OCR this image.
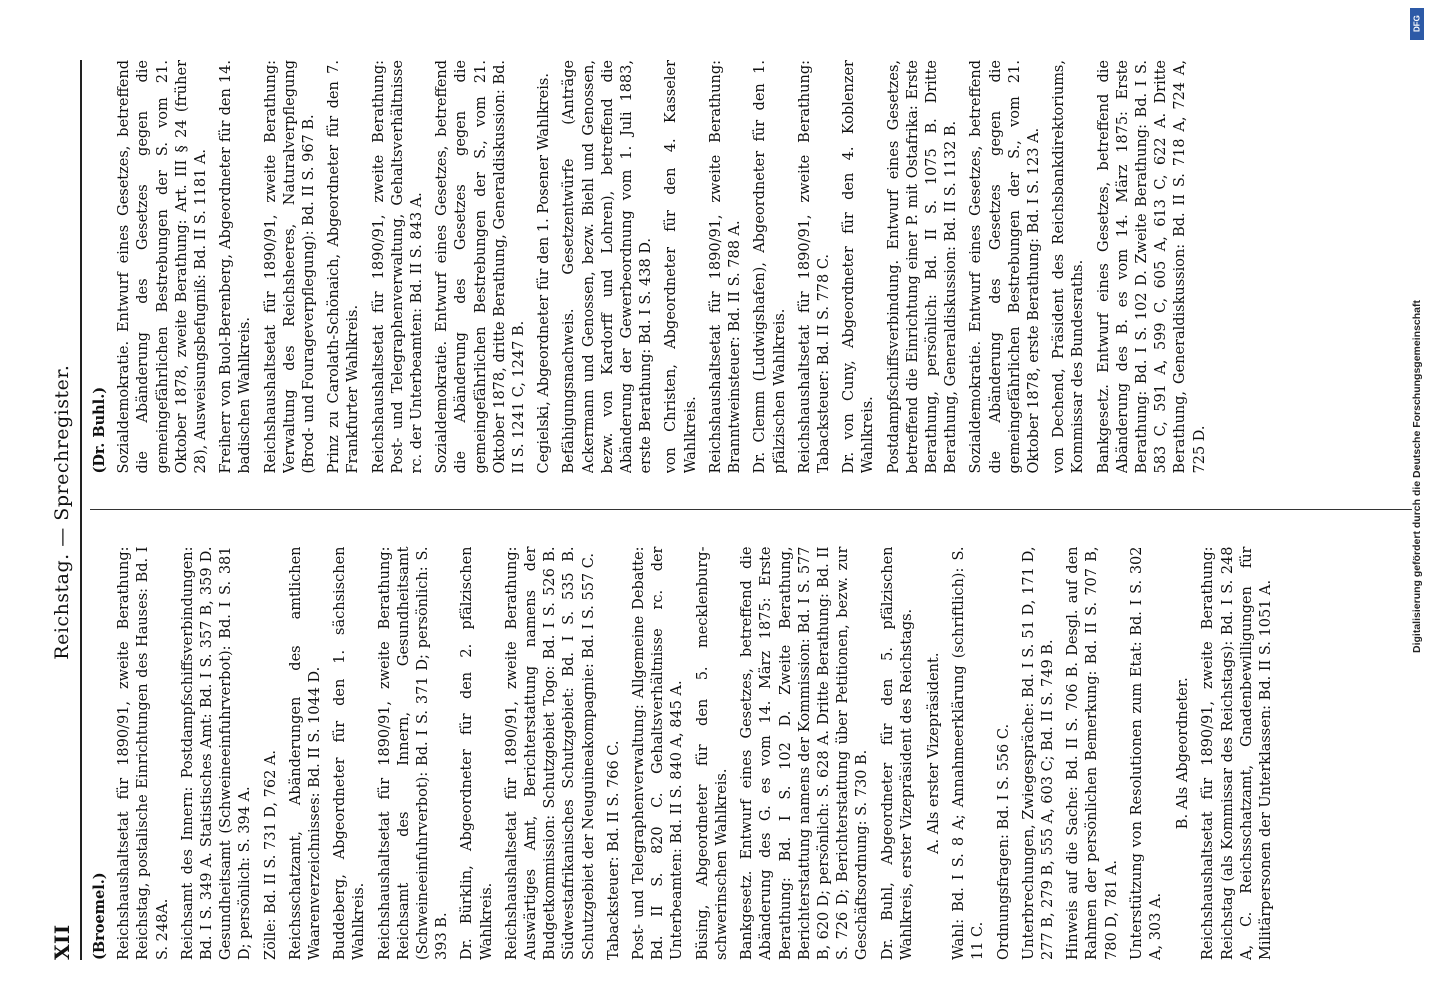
XII
Reichstag. — Sprechregister.

(Broemel.) Reichshaushaltsetat für 1890/91, zweite Berathung: Reichstag, postalische Einrichtungen des Hauses: Bd. I S. 248A. Reichsamt des Innern: Postdampfschiffsverbindungen: Bd. I S. 349 A. Statistisches Amt: Bd. I S. 357 B, 359 D. Gesundheitsamt (Schweineeinfuhrverbot): Bd. I S. 381 D; persönlich: S. 394 A. Zölle: Bd. II S. 731 D, 762 A. Reichsschatzamt, Abänderungen des amtlichen Waarenverzeichnisses: Bd. II S. 1044 D. Buddeberg, Abgeordneter für den 1. sächsischen Wahlkreis. Reichshaushaltsetat für 1890/91, zweite Berathung: Reichsamt des Innern, Gesundheitsamt (Schweineeinfuhrverbot): Bd. I S. 371 D; persönlich: S. 393 B. Dr. Bürklin, Abgeordneter für den 2. pfälzischen Wahlkreis. Reichshaushaltsetat für 1890/91, zweite Berathung: Auswärtiges Amt, Berichterstattung namens der Budgetkommission: Schutzgebiet Togo: Bd. I S. 526 B. Südwestafrikanisches Schutzgebiet: Bd. I S. 535 B. Schutzgebiet der Neuguineakompagnie: Bd. I S. 557 C. Tabacksteuer: Bd. II S. 766 C. Post- und Telegraphenverwaltung: Allgemeine Debatte: Bd. II S. 820 C. Gehaltsverhältnisse rc. der Unterbeamten: Bd. II S. 840 A, 845 A. Büsing, Abgeordneter für den 5. mecklenburg-schwerinschen Wahlkreis. Bankgesetz. Entwurf eines Gesetzes, betreffend die Abänderung des G. es vom 14. März 1875: Erste Berathung: Bd. I S. 102 D. Zweite Berathung, Berichterstattung namens der Kommission: Bd. I S. 577 B, 620 D; persönlich: S. 628 A. Dritte Berathung: Bd. II S. 726 D; Berichterstattung über Petitionen, bezw. zur Geschäftsordnung: S. 730 B. Dr. Buhl, Abgeordneter für den 5. pfälzischen Wahlkreis, erster Vizepräsident des Reichstags. A. Als erster Vizepräsident. Wahl: Bd. I S. 8 A; Annahmeerklärung (schriftlich): S. 11 C. Ordnungsfragen: Bd. I S. 556 C. Unterbrechungen, Zwiegespräche: Bd. I S. 51 D, 171 D, 277 B, 279 B, 555 A, 603 C; Bd. II S. 749 B. Hinweis auf die Sache: Bd. II S. 706 B. Desgl. auf den Rahmen der persönlichen Bemerkung: Bd. II S. 707 B, 780 D, 781 A. Unterstützung von Resolutionen zum Etat: Bd. I S. 302 A, 303 A.

B. Als Abgeordneter. Reichshaushaltsetat für 1890/91, zweite Berathung: Reichstag (als Kommissar des Reichstags): Bd. I S. 248 A, C. Reichsschatzamt, Gnadenbewilligungen für Militärpersonen der Unterklassen: Bd. II S. 1051 A.

(Dr. Buhl.) Sozialdemokratie. Entwurf eines Gesetzes, betreffend die Abänderung des Gesetzes gegen die gemeingefährlichen Bestrebungen der S. vom 21. Oktober 1878, zweite Berathung: Art. III § 24 (früher 28), Ausweisungsbefugniß: Bd. II S. 1181 A. Freiherr von Buol-Berenberg, Abgeordneter für den 14. badischen Wahlkreis. Reichshaushaltsetat für 1890/91, zweite Berathung: Verwaltung des Reichsheeres, Naturalverpflegung (Brod- und Fourageverpflegung): Bd. II S. 967 B. Prinz zu Carolath-Schönaich, Abgeordneter für den 7. Frankfurter Wahlkreis. Reichshaushaltsetat für 1890/91, zweite Berathung: Post- und Telegraphenverwaltung, Gehaltsverhältnisse rc. der Unterbeamten: Bd. II S. 843 A. Sozialdemokratie. Entwurf eines Gesetzes, betreffend die Abänderung des Gesetzes gegen die gemeingefährlichen Bestrebungen der S., vom 21. Oktober 1878, dritte Berathung, Generaldiskussion: Bd. II S. 1241 C, 1247 B. Cegielski, Abgeordneter für den 1. Posener Wahlkreis. Befähigungsnachweis. Gesetzentwürfe (Anträge Ackermann und Genossen, bezw. Biehl und Genossen, bezw. von Kardorff und Lohren), betreffend die Abänderung der Gewerbeordnung vom 1. Juli 1883, erste Berathung: Bd. I S. 438 D. von Christen, Abgeordneter für den 4. Kasseler Wahlkreis. Reichshaushaltsetat für 1890/91, zweite Berathung: Branntweinsteuer: Bd. II S. 788 A. Dr. Clemm (Ludwigshafen), Abgeordneter für den 1. pfälzischen Wahlkreis. Reichshaushaltsetat für 1890/91, zweite Berathung: Tabacksteuer: Bd. II S. 778 C. Dr. von Cuny, Abgeordneter für den 4. Koblenzer Wahlkreis. Postdampfschiffsverbindung. Entwurf eines Gesetzes, betreffend die Einrichtung einer P. mit Ostafrika: Erste Berathung, persönlich: Bd. II S. 1075 B. Dritte Berathung, Generaldiskussion: Bd. II S. 1132 B. Sozialdemokratie. Entwurf eines Gesetzes, betreffend die Abänderung des Gesetzes gegen die gemeingefährlichen Bestrebungen der S., vom 21. Oktober 1878, erste Berathung: Bd. I S. 123 A. von Dechend, Präsident des Reichsbankdirektoriums, Kommissar des Bundesraths. Bankgesetz. Entwurf eines Gesetzes, betreffend die Abänderung des B. es vom 14. März 1875: Erste Berathung: Bd. I S. 102 D. Zweite Berathung: Bd. I S. 583 C, 591 A, 599 C, 605 A, 613 C, 622 A. Dritte Berathung, Generaldiskussion: Bd. II S. 718 A, 724 A, 725 D.

DFG
Digitalisierung gefördert durch die Deutsche Forschungsgemeinschaft
